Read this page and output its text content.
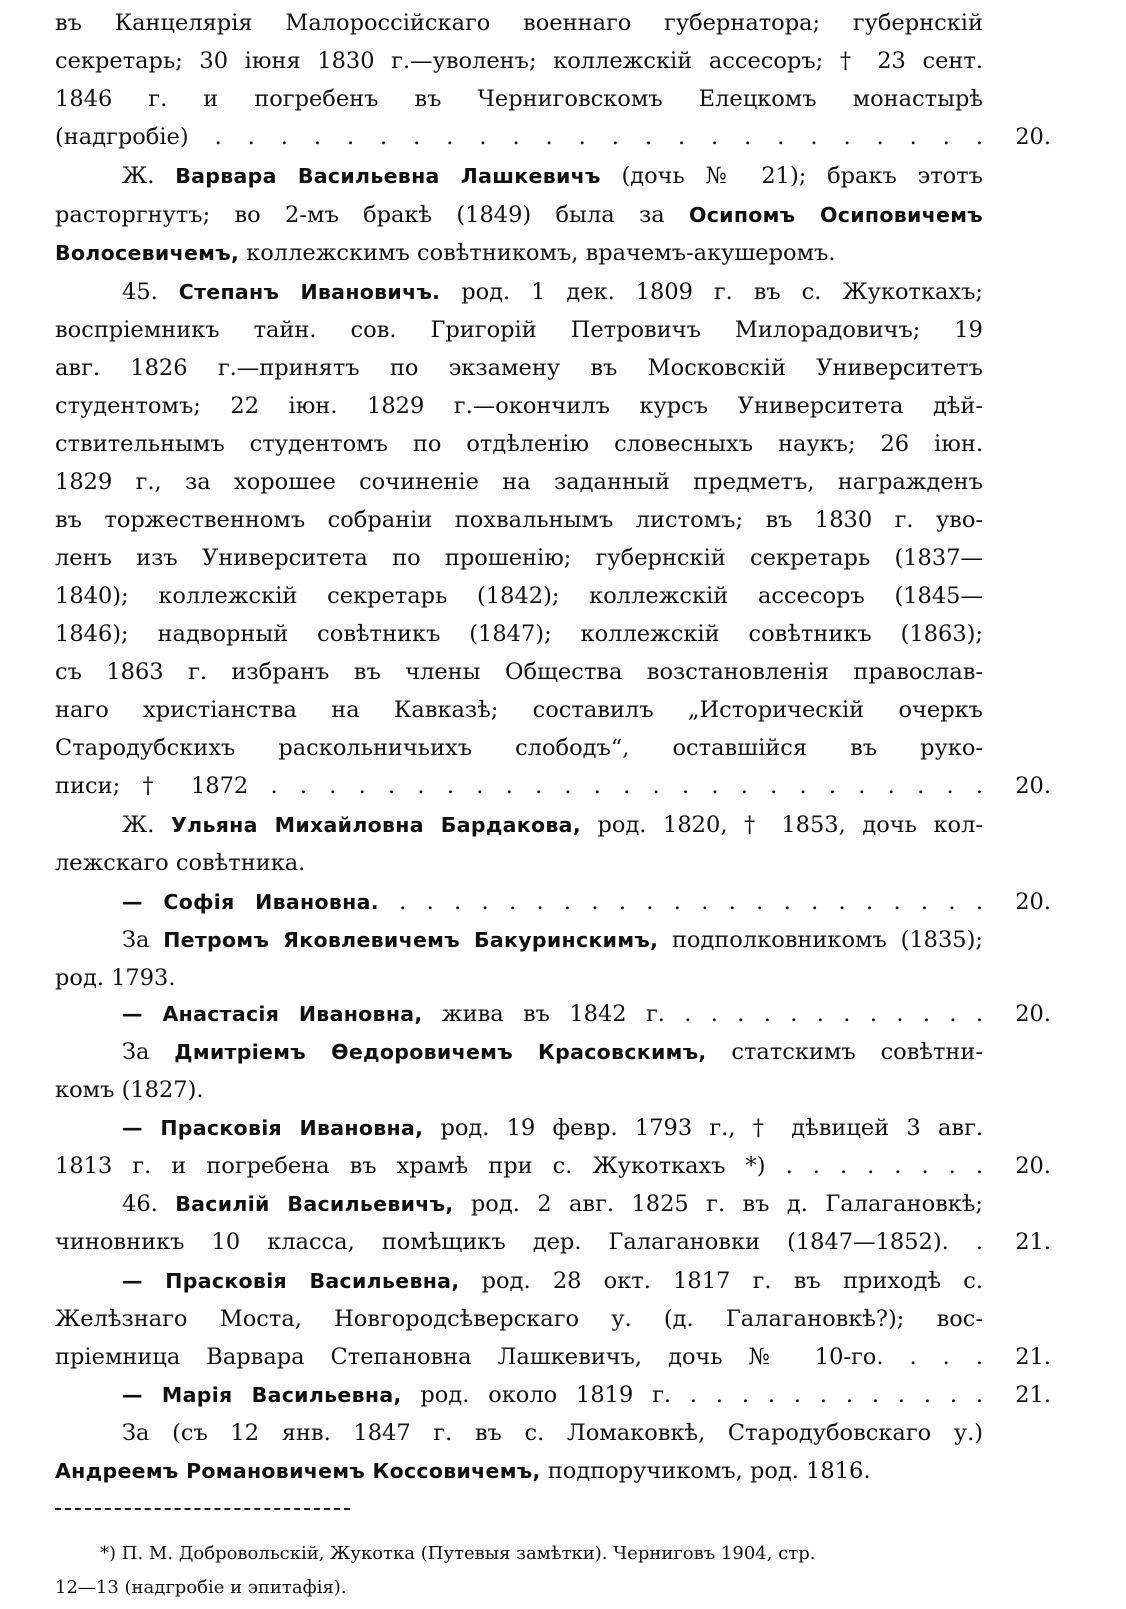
въ Канцелярія Малороссійскаго военнаго губернатора; губернскій
секретарь; 30 іюня 1830 г.—уволенъ; коллежскій ассесоръ; † 23 сент.
1846 г. и погребенъ въ Черниговскомъ Елецкомъ монастырѣ
(надгробіе) . . . . . . . . . . . . . . . . . . . . . . . . 20.
Ж. Варвара Васильевна Лашкевичъ (дочь № 21); бракъ этотъ
расторгнутъ; во 2-мъ бракѣ (1849) была за Осипомъ Осиповичемъ
Волосевичемъ, коллежскимъ совѣтникомъ, врачемъ-акушеромъ.
45. Степанъ Ивановичъ. род. 1 дек. 1809 г. въ с. Жукоткахъ;
воспріемникъ тайн. сов. Григорій Петровичъ Милорадовичъ; 19
авг. 1826 г.—принятъ по экзамену въ Московскій Университетъ
студентомъ; 22 іюн. 1829 г.—окончилъ курсъ Университета дѣй-
ствительнымъ студентомъ по отдѣленію словесныхъ наукъ; 26 іюн.
1829 г., за хорошее сочиненіе на заданный предметъ, награжденъ
въ торжественномъ собраніи похвальнымъ листомъ; въ 1830 г. уво-
ленъ изъ Университета по прошенію; губернскій секретарь (1837—
1840); коллежскій секретарь (1842); коллежскій ассесоръ (1845—
1846); надворный совѣтникъ (1847); коллежскій совѣтникъ (1863);
съ 1863 г. избранъ въ члены Общества возстановленія православ-
наго христіанства на Кавказѣ; составилъ „Историческій очеркъ
Стародубскихъ раскольничьихъ слободъ“, оставшійся въ руко-
писи; † 1872 . . . . . . . . . . . . . . . . . . . . . . . . . 20.
Ж. Ульяна Михайловна Бардакова, род. 1820, † 1853, дочь кол-
лежскаго совѣтника.
— Софія Ивановна. . . . . . . . . . . . . . . . . . . . . . . 20.
За Петромъ Яковлевичемъ Бакуринскимъ, подполковникомъ (1835);
род. 1793.
— Анастасія Ивановна, жива въ 1842 г. . . . . . . . . . . . . 20.
За Дмитріемъ Өедоровичемъ Красовскимъ, статскимъ совѣтни-
комъ (1827).
— Прасковія Ивановна, род. 19 февр. 1793 г., † дѣвицей 3 авг.
1813 г. и погребена въ храмѣ при с. Жукоткахъ *) . . . . . . . . 20.
46. Василій Васильевичъ, род. 2 авг. 1825 г. въ д. Галагановкѣ;
чиновникъ 10 класса, помѣщикъ дер. Галагановки (1847—1852). . 21.
— Прасковія Васильевна, род. 28 окт. 1817 г. въ приходѣ с.
Желѣзнаго Моста, Новгородсѣверскаго у. (д. Галагановкѣ?); вос-
пріемница Варвара Степановна Лашкевичъ, дочь № 10-го. . . . 21.
— Марія Васильевна, род. около 1819 г. . . . . . . . . . . . . 21.
За (съ 12 янв. 1847 г. въ с. Ломаковкѣ, Стародубовскаго у.)
Андреемъ Романовичемъ Коссовичемъ, подпоручикомъ, род. 1816.
*) П. М. Добровольскій, Жукотка (Путевыя замѣтки). Черниговъ 1904, стр.
12—13 (надгробіе и эпитафія).
